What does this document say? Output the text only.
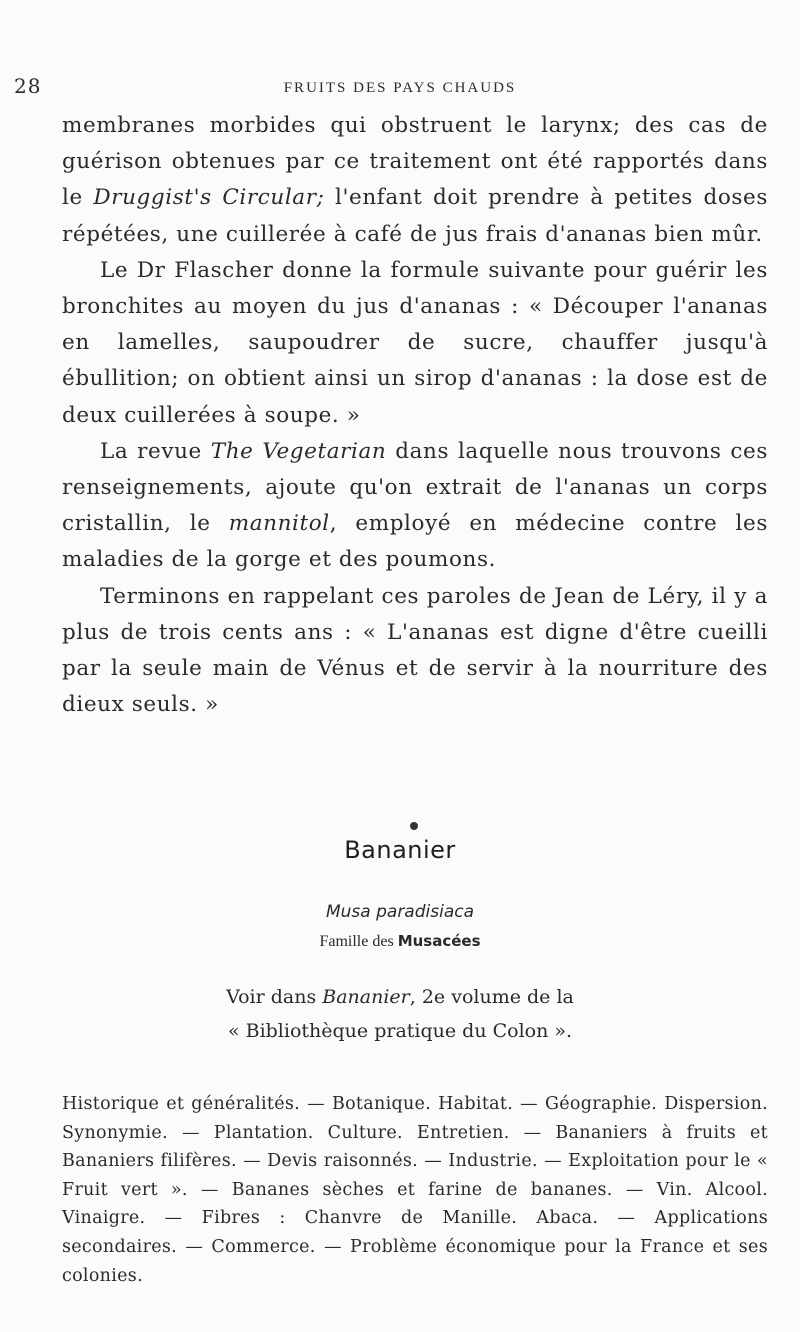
28	FRUITS DES PAYS CHAUDS

membranes morbides qui obstruent le larynx; des cas de guérison obtenues par ce traitement ont été rapportés dans le Druggist's Circular; l'enfant doit prendre à petites doses répétées, une cuillerée à café de jus frais d'ananas bien mûr.

Le Dr Flascher donne la formule suivante pour guérir les bronchites au moyen du jus d'ananas : « Découper l'ananas en lamelles, saupoudrer de sucre, chauffer jusqu'à ébullition; on obtient ainsi un sirop d'ananas : la dose est de deux cuillerées à soupe. »

La revue The Vegetarian dans laquelle nous trouvons ces renseignements, ajoute qu'on extrait de l'ananas un corps cristallin, le mannitol, employé en médecine contre les maladies de la gorge et des poumons.

Terminons en rappelant ces paroles de Jean de Léry, il y a plus de trois cents ans : « L'ananas est digne d'être cueilli par la seule main de Vénus et de servir à la nourriture des dieux seuls. »

Bananier
Musa paradisiaca
Famille des Musacées
Voir dans Bananier, 2e volume de la
« Bibliothèque pratique du Colon ».
Historique et généralités. — Botanique. Habitat. — Géographie. Dispersion. Synonymie. — Plantation. Culture. Entretien. — Bananiers à fruits et Bananiers filifères. — Devis raisonnés. — Industrie. — Exploitation pour le « Fruit vert ». — Bananes sèches et farine de bananes. — Vin. Alcool. Vinaigre. — Fibres : Chanvre de Manille. Abaca. — Applications secondaires. — Commerce. — Problème économique pour la France et ses colonies.
